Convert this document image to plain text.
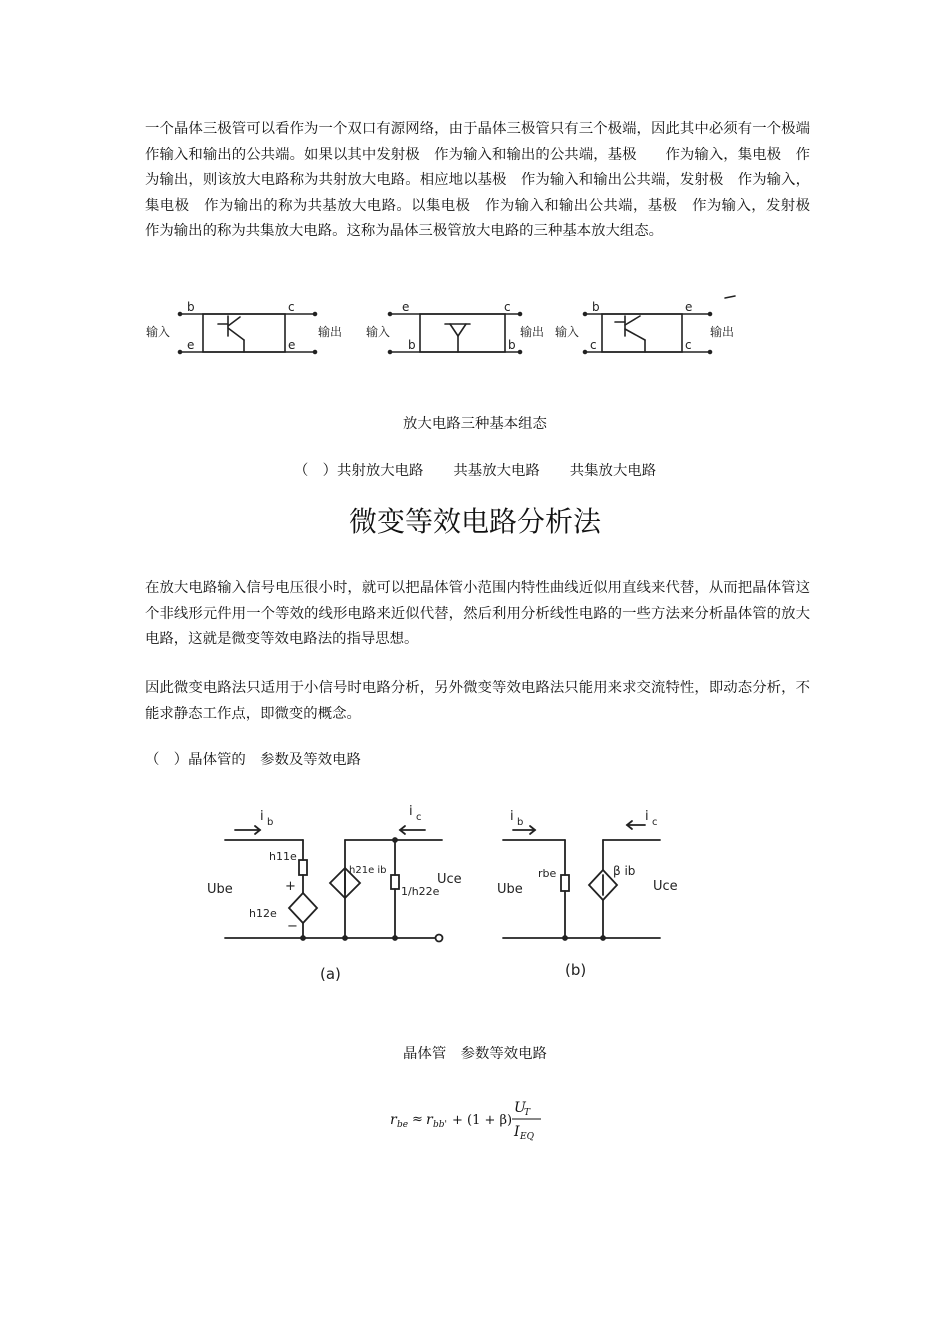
一个晶体三极管可以看作为一个双口有源网络，由于晶体三极管只有三个极端，因此其中必须有一个极端作输入和输出的公共端。如果以其中发射极　作为输入和输出的公共端，基极　　作为输入，集电极　作为输出，则该放大电路称为共射放大电路。相应地以基极　作为输入和输出公共端，发射极　作为输入，集电极　作为输出的称为共基放大电路。以集电极　作为输入和输出公共端，基极　作为输入，发射极　作为输出的称为共集放大电路。这称为晶体三极管放大电路的三种基本放大组态。

b	c
e	e
输入	输出
e	c
b	b
输入	输出
b	e
c	c
输入	输出

放大电路三种基本组态

（　）共射放大电路 共基放大电路 共集放大电路

微变等效电路分析法

在放大电路输入信号电压很小时，就可以把晶体管小范围内特性曲线近似用直线来代替，从而把晶体管这个非线形元件用一个等效的线形电路来近似代替，然后利用分析线性电路的一些方法来分析晶体管的放大电路，这就是微变等效电路法的指导思想。

因此微变电路法只适用于小信号时电路分析，另外微变等效电路法只能用来求交流特性，即动态分析，不能求静态工作点，即微变的概念。

（　）晶体管的　参数及等效电路

i b
i c
Ube
Uce
h11e
+
−
h12e
h21e ib
1/h22e
(a)
i b	i c
Ube	Uce
rbe	β ib
(b)

晶体管　参数等效电路

r be ≈ r bb' + (1 + β)
U
T
I EQ
